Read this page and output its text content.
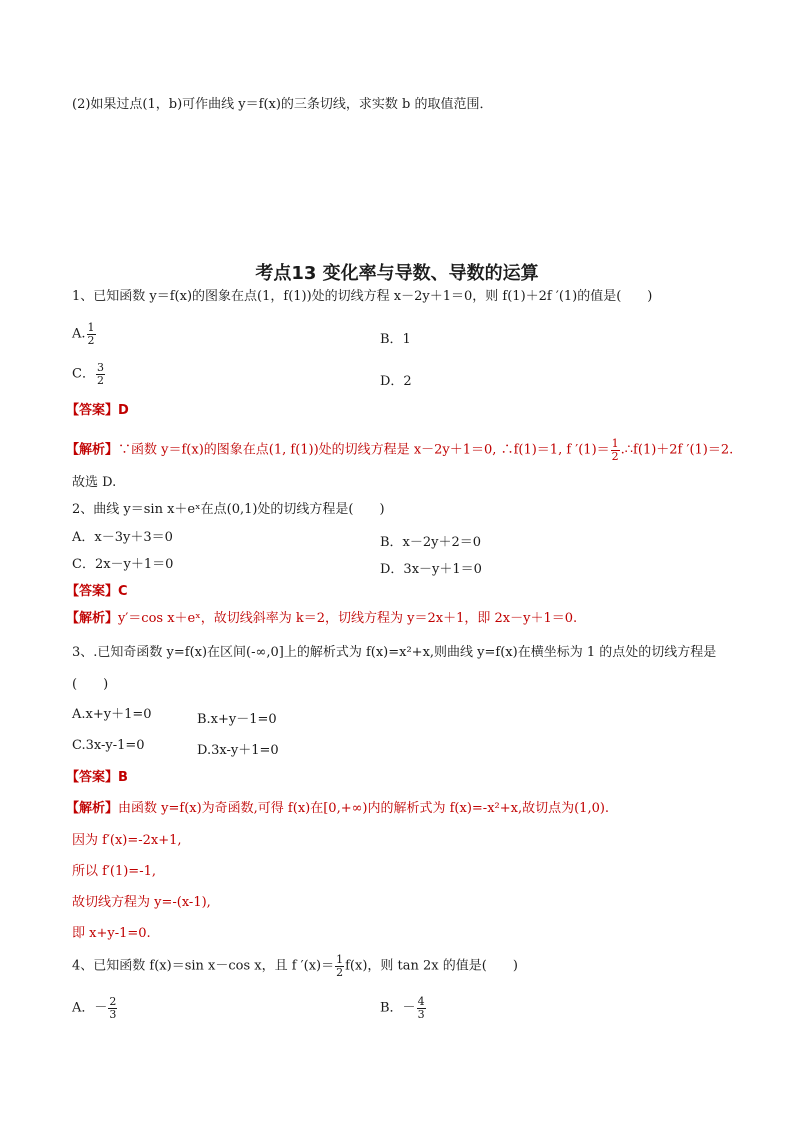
(2)如果过点(1，b)可作曲线 y＝f(x)的三条切线，求实数 b 的取值范围．
考点13 变化率与导数、导数的运算
1、已知函数 y＝f(x)的图象在点(1，f(1))处的切线方程 x－2y＋1＝0，则 f(1)＋2f ′(1)的值是(　　)
A. $\frac{1}{2}$	B．1
C． $\frac{3}{2}$	D．2
【答案】D
【解析】∵函数 y＝f(x)的图象在点(1, f(1))处的切线方程是 x－2y＋1＝0, ∴f(1)＝1, f $'(1)= \frac{1}{2}$ .∴f(1)＋2f ′(1)＝2.
故选 D.
2、曲线 y＝sin x＋eˣ在点(0,1)处的切线方程是(　　)
A．x－3y＋3＝0	B．x－2y＋2＝0
C．2x－y＋1＝0	D．3x－y＋1＝0
【答案】C
【解析】y′＝cos x＋eˣ，故切线斜率为 k＝2，切线方程为 y＝2x＋1，即 2x－y＋1＝0.
3、.已知奇函数 y=f(x)在区间(-∞,0]上的解析式为 f(x)=x²+x,则曲线 y=f(x)在横坐标为 1 的点处的切线方程是
(　　)
A.x+y＋1=0	B.x+y－1=0
C.3x-y-1=0	D.3x-y＋1=0
【答案】B
【解析】由函数 y=f(x)为奇函数,可得 f(x)在[0,+∞)内的解析式为 f(x)=-x²+x,故切点为(1,0).
因为 f′(x)=-2x+1,
所以 f′(1)=-1,
故切线方程为 y=-(x-1),
即 x+y-1=0.
4、已知函数 f(x)＝sin x－cos x，且 f $'(x)= \frac{1}{2} f(x)$，则 tan 2x 的值是(　　)
A．－ $\frac{2}{3}$	B．－ $\frac{4}{3}$
